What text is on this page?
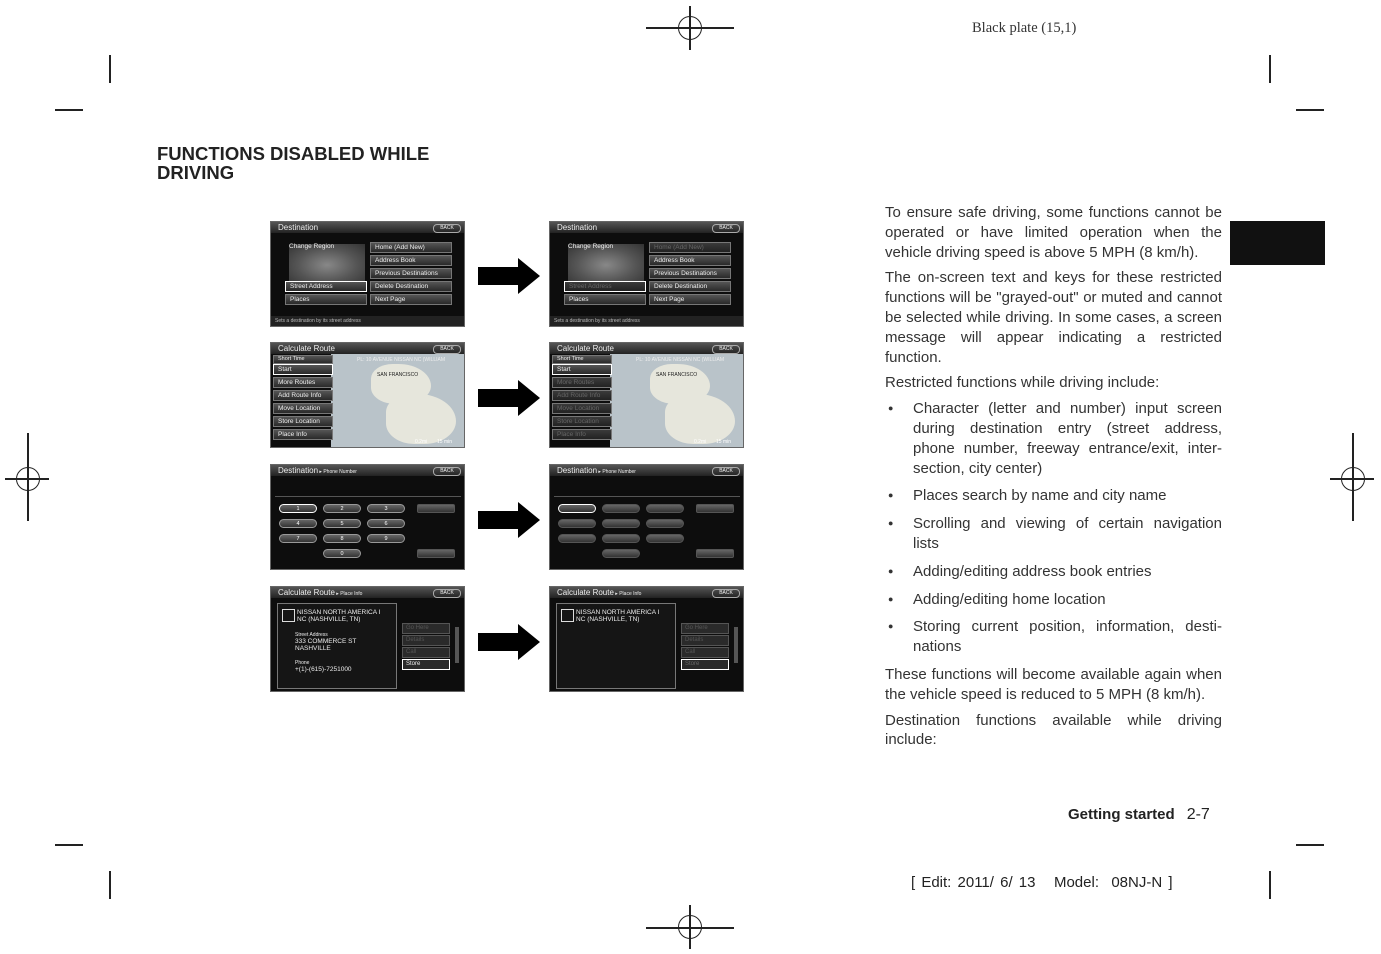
Black plate (15,1)
FUNCTIONS DISABLED WHILE DRIVING
Destination	BACK
Change Region
Street Address
Places
Home (Add New)
Address Book
Previous Destinations
Delete Destination
Next Page
Sets a destination by its street address
Destination	BACK
Change Region
Street Address
Places
Home (Add New)
Address Book
Previous Destinations
Delete Destination
Next Page
Sets a destination by its street address
Calculate Route	BACK
PL: 10 AVENUE NISSAN NC (WILLIAM
SAN FRANCISCO
Short Time
Start
More Routes
Add Route Info
Move Location
Store Location
Place Info
0.2mi 15 min
Calculate Route	BACK
PL: 10 AVENUE NISSAN NC (WILLIAM
SAN FRANCISCO
Short Time
Start
More Routes
Add Route Info
Move Location
Store Location
Place Info
0.2mi 15 min
Destination ▸ Phone Number	BACK
1	2	3
4	5	6
7	8	9
0
Destination ▸ Phone Number	BACK
Calculate Route ▸ Place Info	BACK
NISSAN NORTH AMERICA I
NC (NASHVILLE, TN)
Street Address
333 COMMERCE ST
NASHVILLE
Phone
+(1)-(615)-7251000
Go Here
Details
Call
Store
Calculate Route ▸ Place Info	BACK
NISSAN NORTH AMERICA I
NC (NASHVILLE, TN)
Go Here
Details
Call
Store

To ensure safe driving, some functions cannot be operated or have limited operation when the vehicle driving speed is above 5 MPH (8 km/h).

The on-screen text and keys for these restricted functions will be "grayed-out" or muted and cannot be selected while driving. In some cases, a screen message will appear indicating a restricted function.

Restricted functions while driving include:

● Character (letter and number) input screen during destination entry (street address, phone number, freeway entrance/exit, inter-section, city center)
● Places search by name and city name
● Scrolling and viewing of certain navigation lists
● Adding/editing address book entries
● Adding/editing home location
● Storing current position, information, desti-nations

These functions will become available again when the vehicle speed is reduced to 5 MPH (8 km/h).

Destination functions available while driving include:

Getting started 2-7
[ Edit: 2011/ 6/ 13   Model:  08NJ-N ]
